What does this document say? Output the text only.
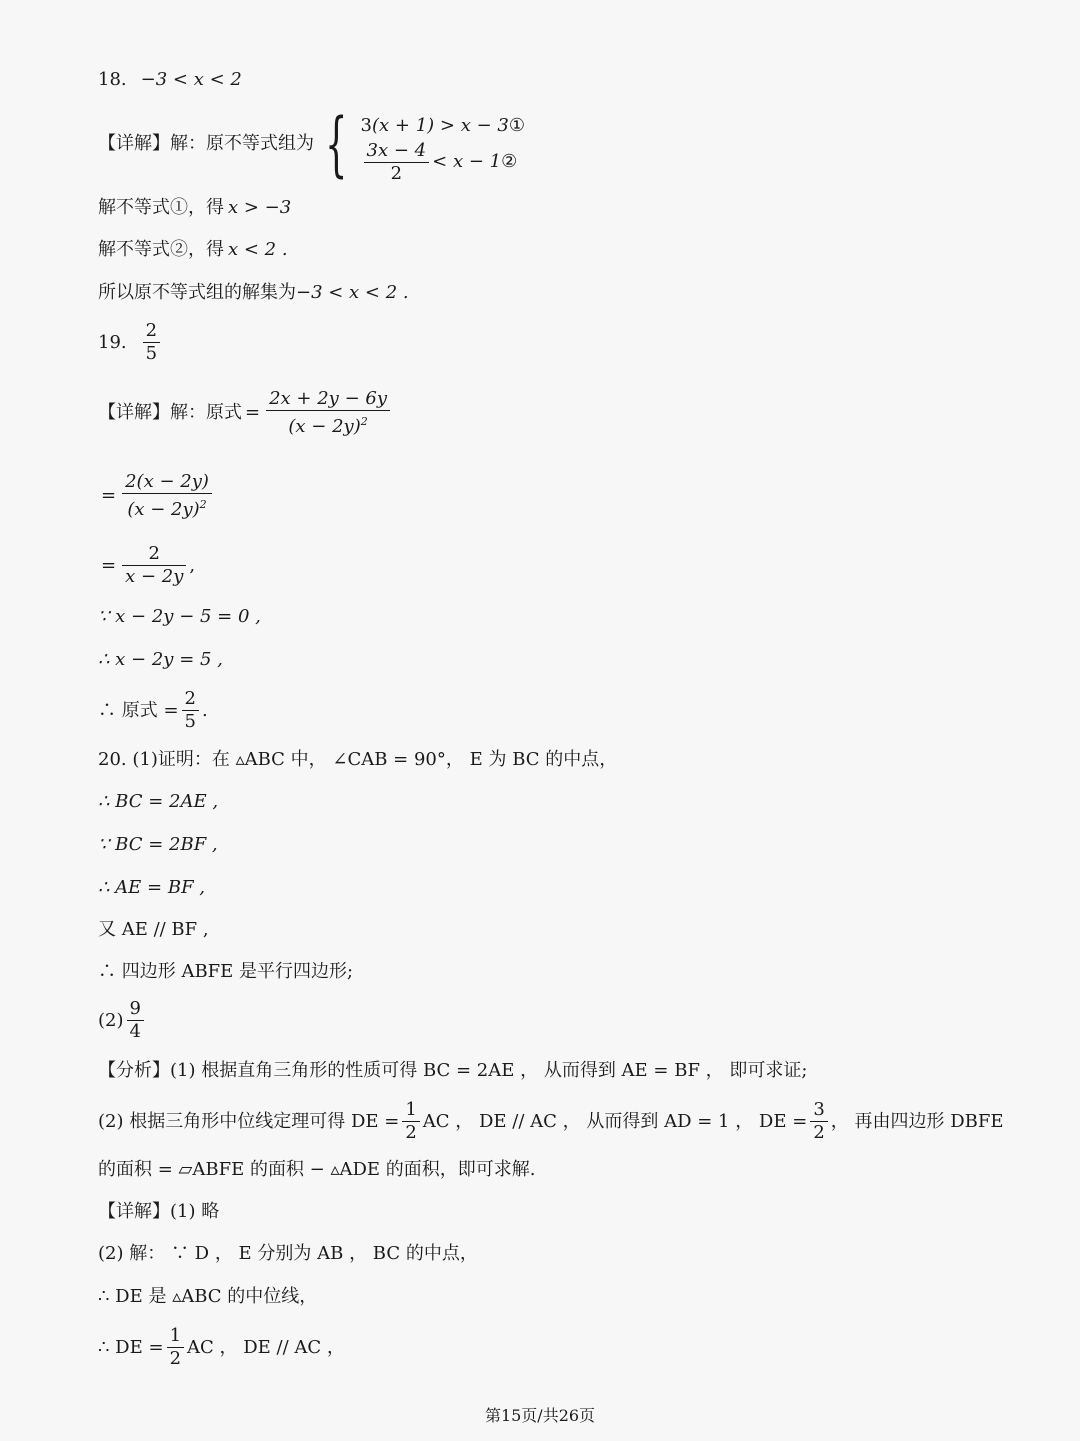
18. −3 < x < 2
【详解】解：原不等式组为 { 3 (x + 1) > x − 3 ①
$\frac{3x - 4}{2} < x - 1$ ②
解不等式①，得 x > −3
解不等式②，得 x < 2 .
所以原不等式组的解集为 −3 < x < 2 .
19. $\frac{2}{5}$
【详解】解：原式 = $\frac{2x + 2y - 6y}{(x - 2y)^2}$
= $\frac{2(x - 2y)}{(x - 2y)^2}$
= $\frac{2}{x - 2y}$ ,
∵ x − 2y − 5 = 0 ,
∴ x − 2y = 5 ,
∴ 原式 = $\frac{2}{5}$ .
20. (1)证明：在 ▵ABC 中， ∠CAB = 90°， E 为 BC 的中点，
∴ BC = 2AE ,
∵ BC = 2BF ,
∴ AE = BF ,
又 AE // BF ,
∴ 四边形 ABFE 是平行四边形;
$(2) \frac{9}{4}$
【分析】(1) 根据直角三角形的性质可得 BC = 2AE ， 从而得到 AE = BF ， 即可求证;
(2) 根据三角形中位线定理可得 DE = $\frac{1}{2}$ AC ， DE // AC ， 从而得到 AD = 1 ， DE = $\frac{3}{2}$ ， 再由四边形 DBFE
的面积 = ▱ABFE 的面积 − ▵ADE 的面积，即可求解.
【详解】(1) 略
(2) 解： ∵ D ， E 分别为 AB ， BC 的中点，
∴ DE 是 ▵ABC 的中位线，
∴ DE = $\frac{1}{2}$ AC ， DE // AC ，
第15页/共26页
